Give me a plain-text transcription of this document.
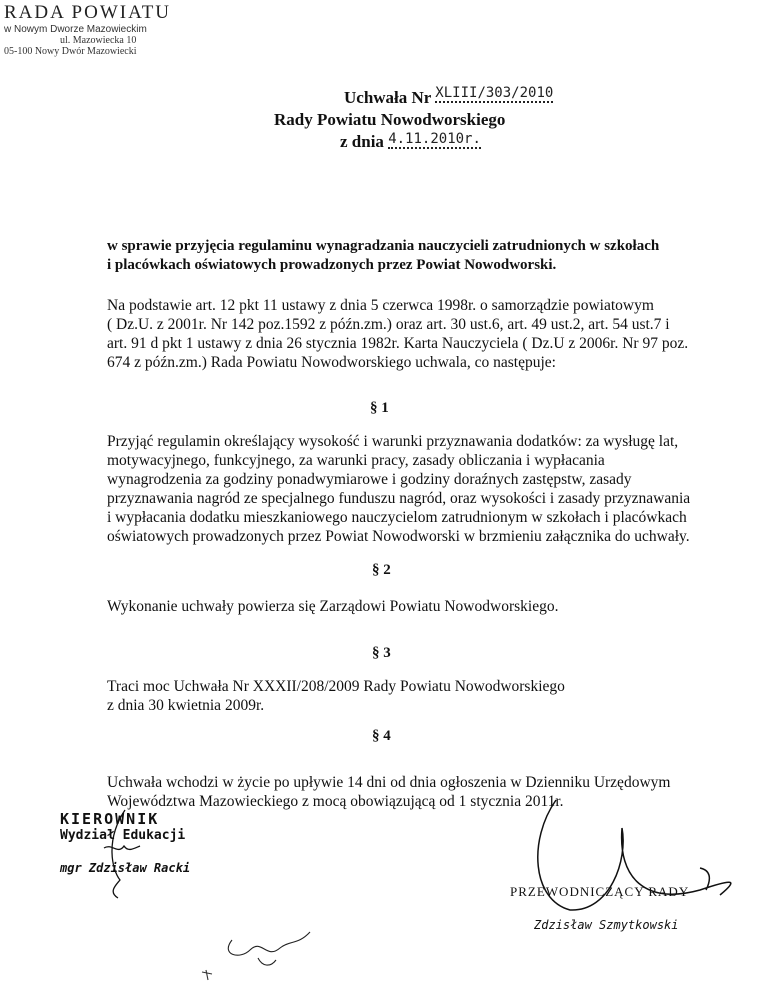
RADA POWIATU
w Nowym Dworze Mazowieckim
ul. Mazowiecka 10
05-100 Nowy Dwór Mazowiecki
Uchwała Nr $^{XLIII/303/2010}$
Rady Powiatu Nowodworskiego
z dnia $^{4.11.2010r.}$
w sprawie przyjęcia regulaminu wynagradzania nauczycieli zatrudnionych w szkołach
i placówkach oświatowych prowadzonych przez Powiat Nowodworski.
Na podstawie art. 12 pkt 11 ustawy z dnia 5 czerwca 1998r. o samorządzie powiatowym
( Dz.U. z 2001r. Nr 142 poz.1592 z późn.zm.) oraz art. 30 ust.6, art. 49 ust.2, art. 54 ust.7 i
art. 91 d pkt 1 ustawy z dnia 26 stycznia 1982r. Karta Nauczyciela ( Dz.U z 2006r. Nr 97 poz.
674 z późn.zm.) Rada Powiatu Nowodworskiego uchwala, co następuje:
§ 1
Przyjąć regulamin określający wysokość i warunki przyznawania dodatków: za wysługę lat,
motywacyjnego, funkcyjnego, za warunki pracy, zasady obliczania i wypłacania
wynagrodzenia za godziny ponadwymiarowe i godziny doraźnych zastępstw, zasady
przyznawania nagród ze specjalnego funduszu nagród, oraz wysokości i zasady przyznawania
i wypłacania dodatku mieszkaniowego nauczycielom zatrudnionym w szkołach i placówkach
oświatowych prowadzonych przez Powiat Nowodworski w brzmieniu załącznika do uchwały.
§ 2
Wykonanie uchwały powierza się Zarządowi Powiatu Nowodworskiego.
§ 3
Traci moc Uchwała Nr XXXII/208/2009 Rady Powiatu Nowodworskiego
z dnia 30 kwietnia 2009r.
§ 4
Uchwała wchodzi w życie po upływie 14 dni od dnia ogłoszenia w Dzienniku Urzędowym
Województwa Mazowieckiego z mocą obowiązującą od 1 stycznia 2011r.
KIEROWNIK
Wydział Edukacji
mgr Zdzisław Racki
PRZEWODNICZĄCY RADY
Zdzisław Szmytkowski
